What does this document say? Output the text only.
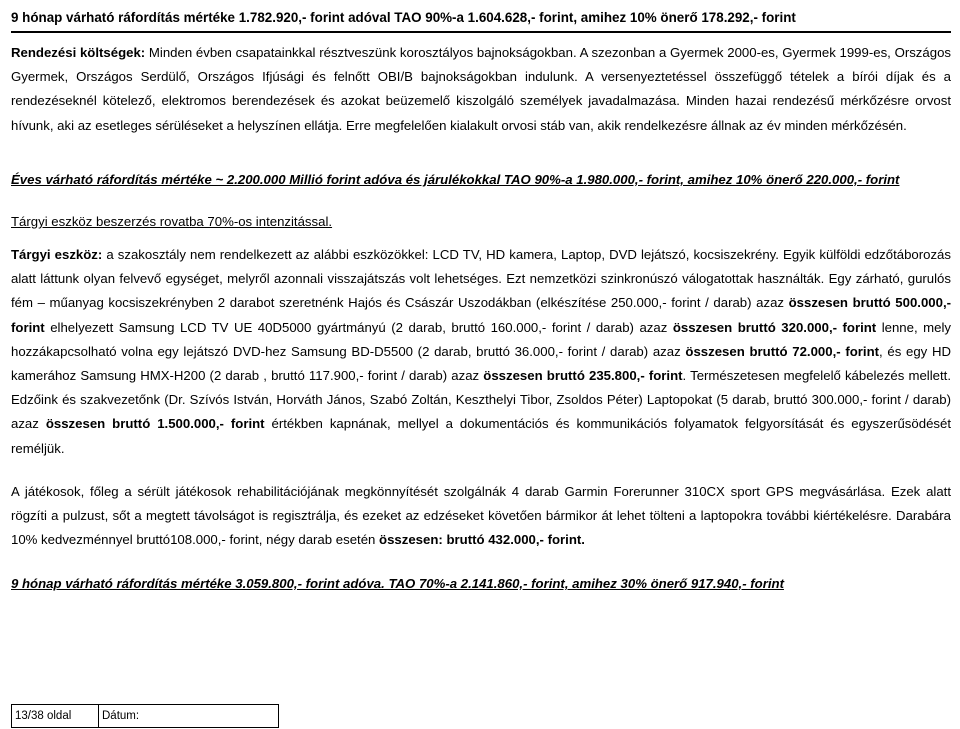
9 hónap várható ráfordítás mértéke 1.782.920,- forint adóval TAO 90%-a 1.604.628,- forint, amihez 10% önerő 178.292,- forint
Rendezési költségek: Minden évben csapatainkkal résztveszünk korosztályos bajnokságokban. A szezonban a Gyermek 2000-es, Gyermek 1999-es, Országos Gyermek, Országos Serdülő, Országos Ifjúsági és felnőtt OBI/B bajnokságokban indulunk. A versenyeztetéssel összefüggő tételek a bírói díjak és a rendezéseknél kötelező, elektromos berendezések és azokat beüzemelő kiszolgáló személyek javadalmazása. Minden hazai rendezésű mérkőzésre orvost hívunk, aki az esetleges sérüléseket a helyszínen ellátja. Erre megfelelően kialakult orvosi stáb van, akik rendelkezésre állnak az év minden mérkőzésén.
Éves várható ráfordítás mértéke ~ 2.200.000 Millió forint adóva és járulékokkal TAO 90%-a 1.980.000,- forint, amihez 10% önerő 220.000,- forint
Tárgyi eszköz beszerzés rovatba 70%-os intenzitással.
Tárgyi eszköz: a szakosztály nem rendelkezett az alábbi eszközökkel: LCD TV, HD kamera, Laptop, DVD lejátszó, kocsiszekrény. Egyik külföldi edzőtáborozás alatt láttunk olyan felvevő egységet, melyről azonnali visszajátszás volt lehetséges. Ezt nemzetközi szinkronúszó válogatottak használták. Egy zárható, gurulós fém – műanyag kocsiszekrényben 2 darabot szeretnénk Hajós és Császár Uszodákban (elkészítése 250.000,- forint / darab) azaz összesen bruttó 500.000,- forint elhelyezett Samsung LCD TV UE 40D5000 gyártmányú (2 darab, bruttó 160.000,- forint / darab) azaz összesen bruttó 320.000,- forint lenne, mely hozzákapcsolható volna egy lejátszó DVD-hez Samsung BD-D5500 (2 darab, bruttó 36.000,- forint / darab) azaz összesen bruttó 72.000,- forint, és egy HD kamerához Samsung HMX-H200 (2 darab , bruttó 117.900,- forint / darab) azaz összesen bruttó 235.800,- forint. Természetesen megfelelő kábelezés mellett. Edzőink és szakvezetőnk (Dr. Szívós István, Horváth János, Szabó Zoltán, Keszthelyi Tibor, Zsoldos Péter) Laptopokat (5 darab, bruttó 300.000,- forint / darab) azaz összesen bruttó 1.500.000,- forint értékben kapnának, mellyel a dokumentációs és kommunikációs folyamatok felgyorsítását és egyszerűsödését reméljük.
A játékosok, főleg a sérült játékosok rehabilitációjának megkönnyítését szolgálnák 4 darab Garmin Forerunner 310CX sport GPS megvásárlása. Ezek alatt rögzíti a pulzust, sőt a megtett távolságot is regisztrálja, és ezeket az edzéseket követően bármikor át lehet tölteni a laptopokra további kiértékelésre. Darabára 10% kedvezménnyel bruttó108.000,- forint, négy darab esetén összesen: bruttó 432.000,- forint.
9 hónap várható ráfordítás mértéke 3.059.800,- forint adóva. TAO 70%-a 2.141.860,- forint, amihez 30% önerő 917.940,- forint
13/38 oldal	Dátum:
